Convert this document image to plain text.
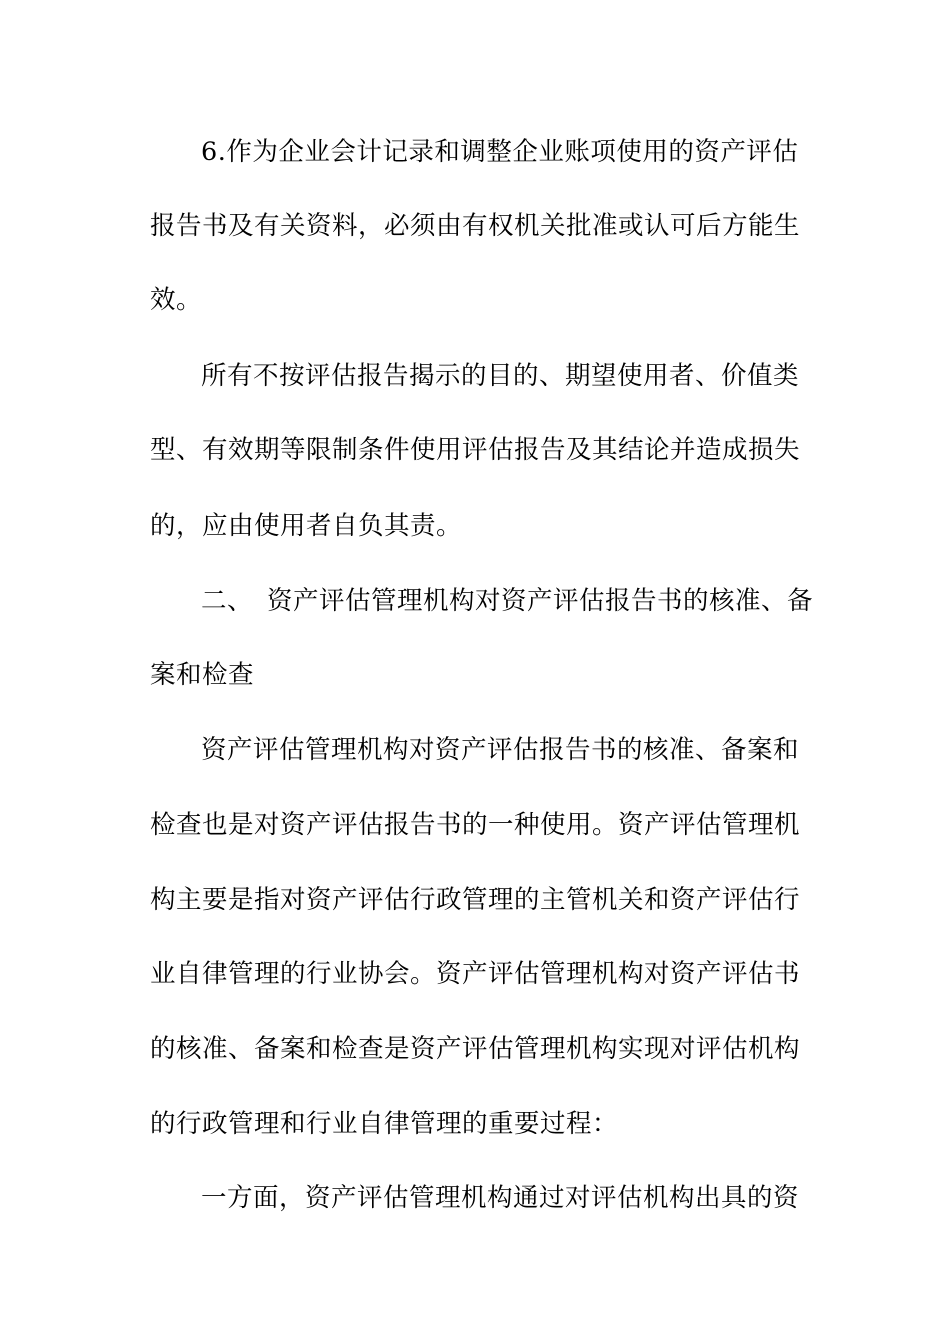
6.作为企业会计记录和调整企业账项使用的资产评估
报告书及有关资料，必须由有权机关批准或认可后方能生
效。
所有不按评估报告揭示的目的、期望使用者、价值类
型、有效期等限制条件使用评估报告及其结论并造成损失
的，应由使用者自负其责。
二、 资产评估管理机构对资产评估报告书的核准、备
案和检查
资产评估管理机构对资产评估报告书的核准、备案和
检查也是对资产评估报告书的一种使用。资产评估管理机
构主要是指对资产评估行政管理的主管机关和资产评估行
业自律管理的行业协会。资产评估管理机构对资产评估书
的核准、备案和检查是资产评估管理机构实现对评估机构
的行政管理和行业自律管理的重要过程：
一方面，资产评估管理机构通过对评估机构出具的资
